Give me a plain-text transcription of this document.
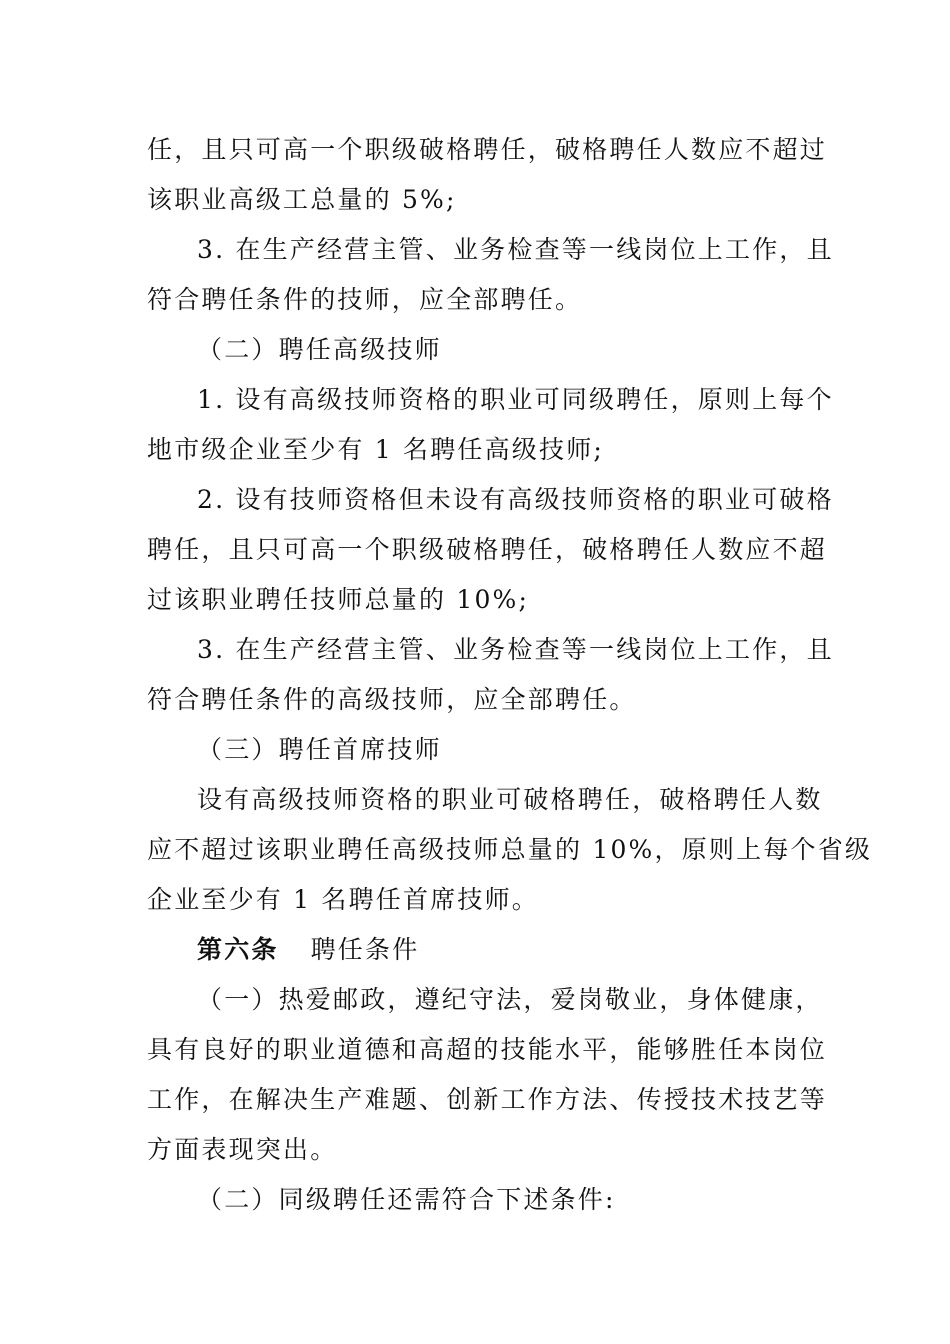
任，且只可高一个职级破格聘任，破格聘任人数应不超过
该职业高级工总量的 5%;
3. 在生产经营主管、业务检查等一线岗位上工作，且
符合聘任条件的技师，应全部聘任。
（二）聘任高级技师
1. 设有高级技师资格的职业可同级聘任，原则上每个
地市级企业至少有 1 名聘任高级技师;
2. 设有技师资格但未设有高级技师资格的职业可破格
聘任，且只可高一个职级破格聘任，破格聘任人数应不超
过该职业聘任技师总量的 10%;
3. 在生产经营主管、业务检查等一线岗位上工作，且
符合聘任条件的高级技师，应全部聘任。
（三）聘任首席技师
设有高级技师资格的职业可破格聘任，破格聘任人数
应不超过该职业聘任高级技师总量的 10%，原则上每个省级
企业至少有 1 名聘任首席技师。
第六条 聘任条件
（一）热爱邮政，遵纪守法，爱岗敬业，身体健康，
具有良好的职业道德和高超的技能水平，能够胜任本岗位
工作，在解决生产难题、创新工作方法、传授技术技艺等
方面表现突出。
（二）同级聘任还需符合下述条件:
